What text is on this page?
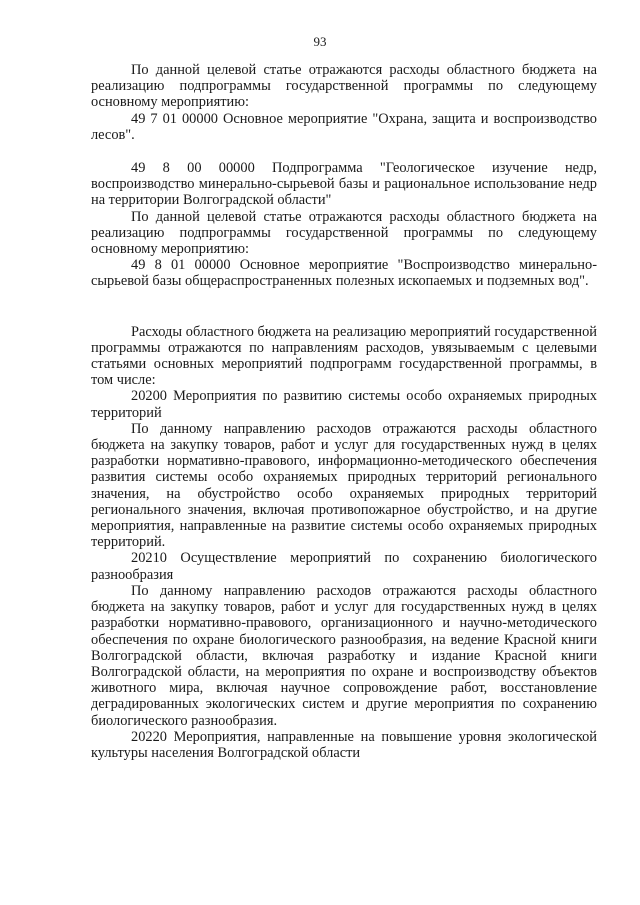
93

По данной целевой статье отражаются расходы областного бюджета на реализацию подпрограммы государственной программы по следующему основному мероприятию:

49 7 01 00000 Основное мероприятие "Охрана, защита и воспроизводство лесов".

49 8 00 00000 Подпрограмма "Геологическое изучение недр, воспроизводство минерально-сырьевой базы и рациональное использование недр на территории Волгоградской области"

По данной целевой статье отражаются расходы областного бюджета на реализацию подпрограммы государственной программы по следующему основному мероприятию:

49 8 01 00000 Основное мероприятие "Воспроизводство минерально-сырьевой базы общераспространенных полезных ископаемых и подземных вод".

Расходы областного бюджета на реализацию мероприятий государственной программы отражаются по направлениям расходов, увязываемым с целевыми статьями основных мероприятий подпрограмм государственной программы, в том числе:

20200 Мероприятия по развитию системы особо охраняемых природных территорий

По данному направлению расходов отражаются расходы областного бюджета на закупку товаров, работ и услуг для государственных нужд в целях разработки нормативно-правового, информационно-методического обеспечения развития системы особо охраняемых природных территорий регионального значения, на обустройство особо охраняемых природных территорий регионального значения, включая противопожарное обустройство, и на другие мероприятия, направленные на развитие системы особо охраняемых природных территорий.

20210 Осуществление мероприятий по сохранению биологического разнообразия

По данному направлению расходов отражаются расходы областного бюджета на закупку товаров, работ и услуг для государственных нужд в целях разработки нормативно-правового, организационного и научно-методического обеспечения по охране биологического разнообразия, на ведение Красной книги Волгоградской области, включая разработку и издание Красной книги Волгоградской области, на мероприятия по охране и воспроизводству объектов животного мира, включая научное сопровождение работ, восстановление деградированных экологических систем и другие мероприятия по сохранению биологического разнообразия.

20220 Мероприятия, направленные на повышение уровня экологической культуры населения Волгоградской области
